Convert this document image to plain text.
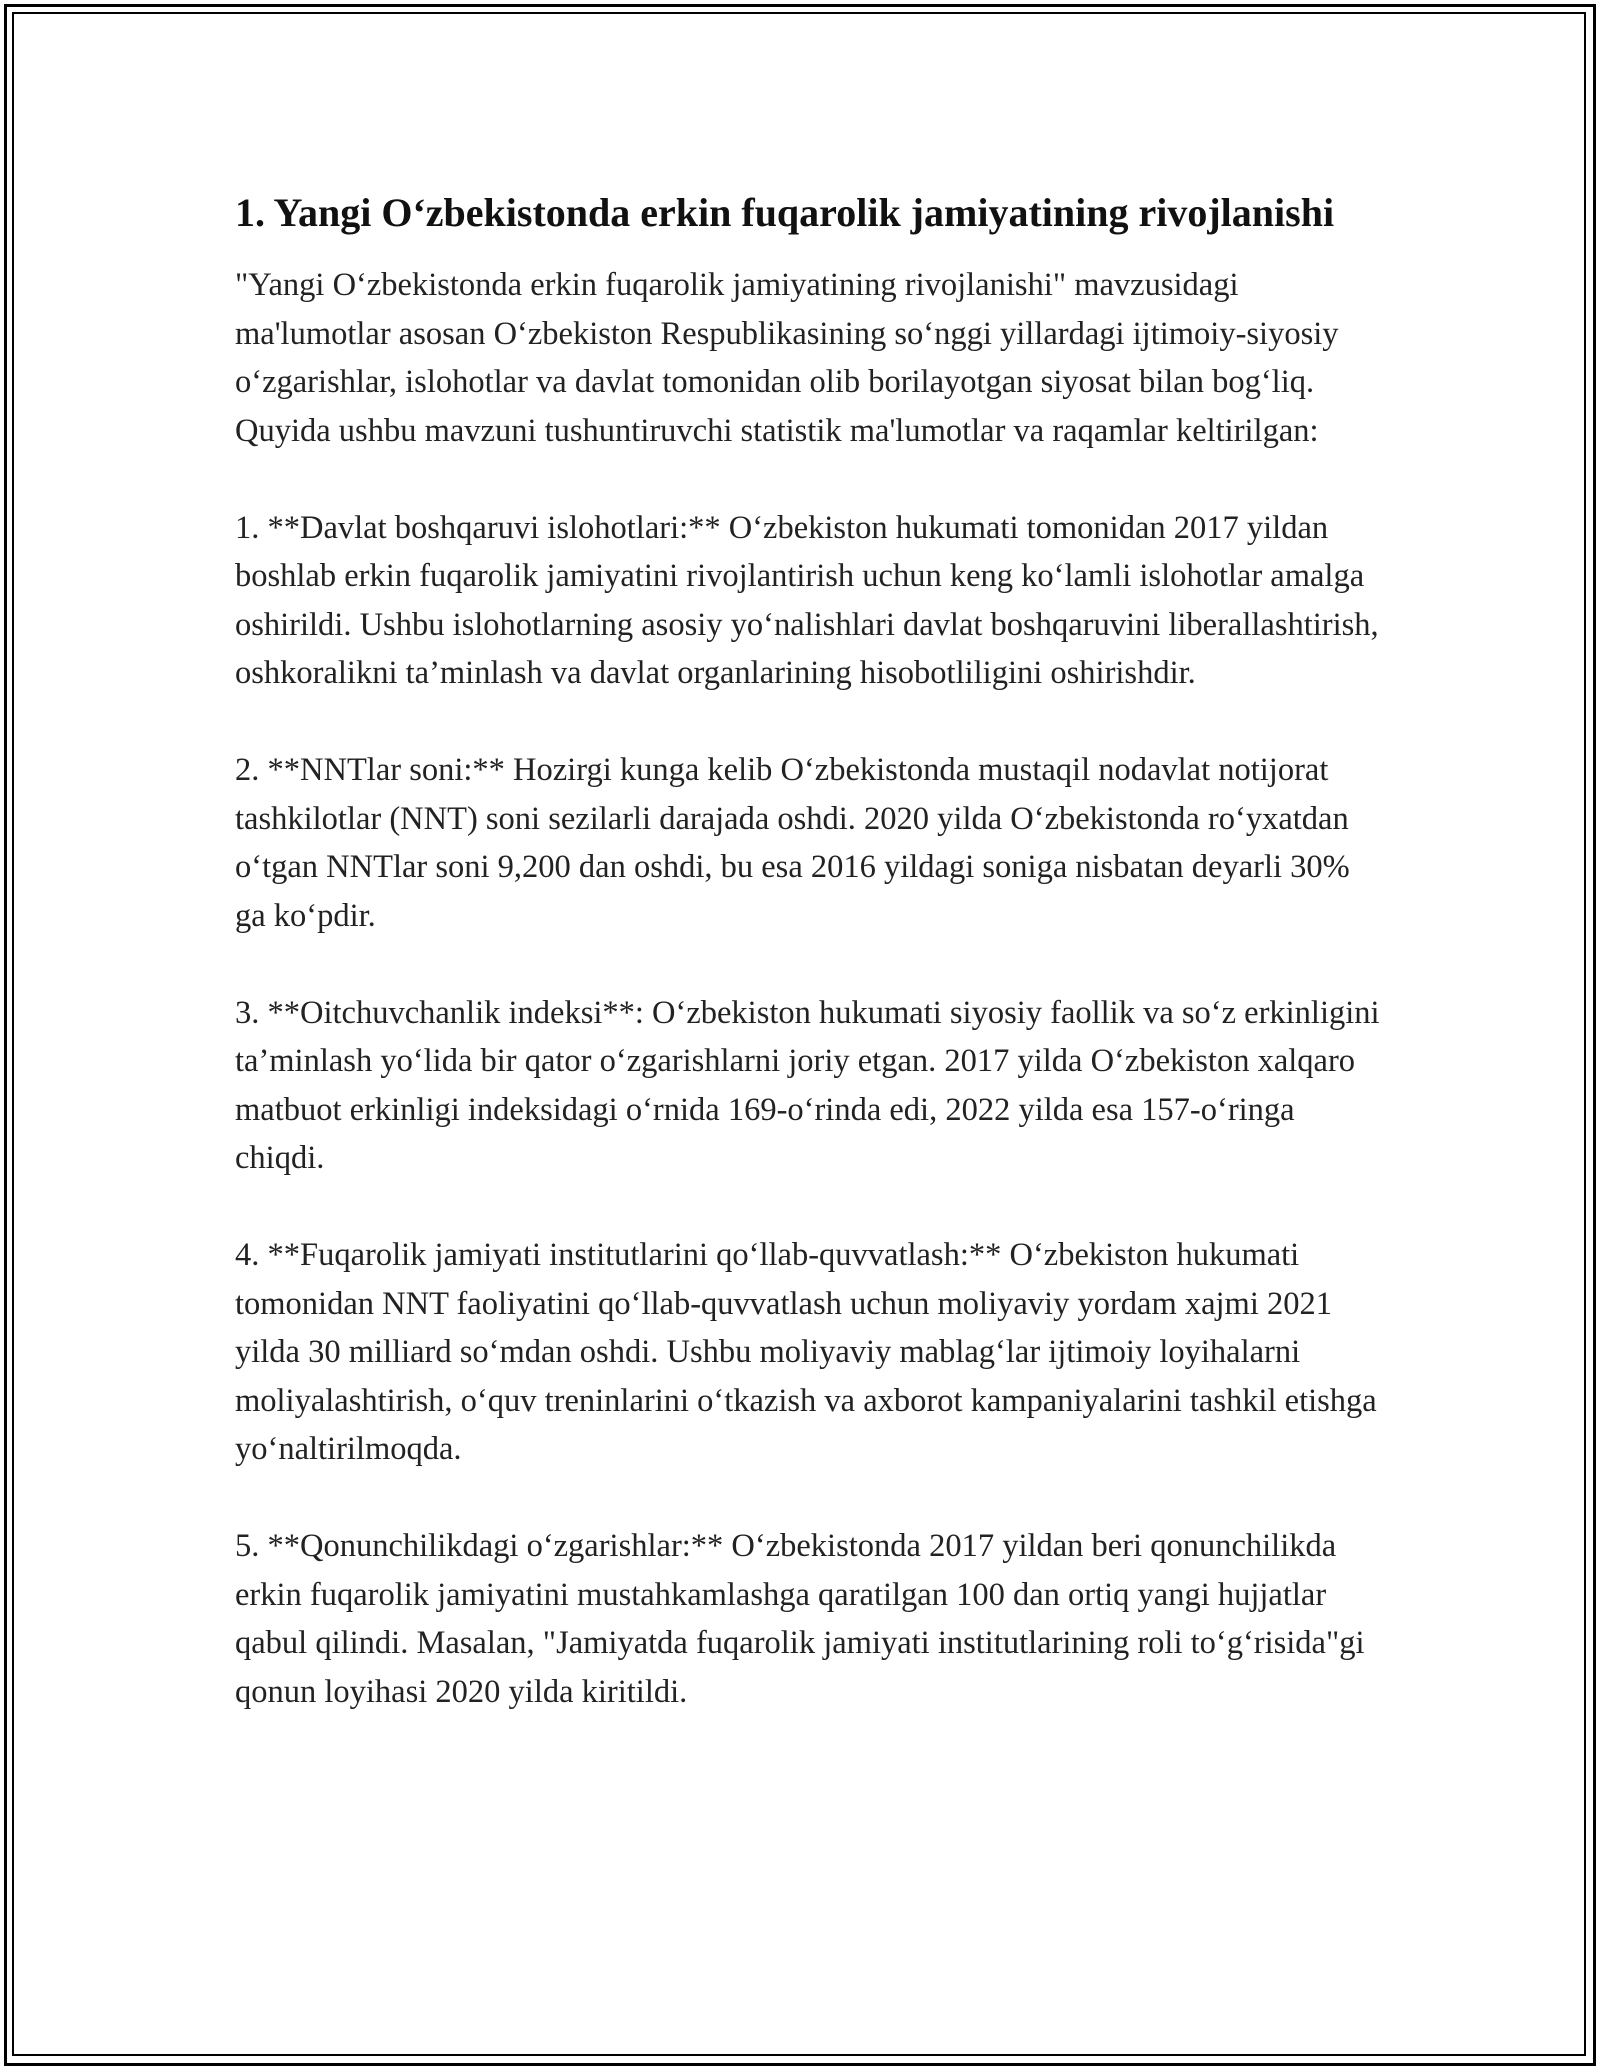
1. Yangi O‘zbekistonda erkin fuqarolik jamiyatining rivojlanishi

"Yangi O‘zbekistonda erkin fuqarolik jamiyatining rivojlanishi" mavzusidagi ma'lumotlar asosan O‘zbekiston Respublikasining so‘nggi yillardagi ijtimoiy-siyosiy o‘zgarishlar, islohotlar va davlat tomonidan olib borilayotgan siyosat bilan bog‘liq. Quyida ushbu mavzuni tushuntiruvchi statistik ma'lumotlar va raqamlar keltirilgan:

1. **Davlat boshqaruvi islohotlari:** O‘zbekiston hukumati tomonidan 2017 yildan boshlab erkin fuqarolik jamiyatini rivojlantirish uchun keng ko‘lamli islohotlar amalga oshirildi. Ushbu islohotlarning asosiy yo‘nalishlari davlat boshqaruvini liberallashtirish, oshkoralikni ta’minlash va davlat organlarining hisobotliligini oshirishdir.

2. **NNTlar soni:** Hozirgi kunga kelib O‘zbekistonda mustaqil nodavlat notijorat tashkilotlar (NNT) soni sezilarli darajada oshdi. 2020 yilda O‘zbekistonda ro‘yxatdan o‘tgan NNTlar soni 9,200 dan oshdi, bu esa 2016 yildagi soniga nisbatan deyarli 30% ga ko‘pdir.

3. **Oitchuvchanlik indeksi**: O‘zbekiston hukumati siyosiy faollik va so‘z erkinligini ta’minlash yo‘lida bir qator o‘zgarishlarni joriy etgan. 2017 yilda O‘zbekiston xalqaro matbuot erkinligi indeksidagi o‘rnida 169-o‘rinda edi, 2022 yilda esa 157-o‘ringa chiqdi.

4. **Fuqarolik jamiyati institutlarini qo‘llab-quvvatlash:** O‘zbekiston hukumati tomonidan NNT faoliyatini qo‘llab-quvvatlash uchun moliyaviy yordam xajmi 2021 yilda 30 milliard so‘mdan oshdi. Ushbu moliyaviy mablag‘lar ijtimoiy loyihalarni moliyalashtirish, o‘quv treninlarini o‘tkazish va axborot kampaniyalarini tashkil etishga yo‘naltirilmoqda.

5. **Qonunchilikdagi o‘zgarishlar:** O‘zbekistonda 2017 yildan beri qonunchilikda erkin fuqarolik jamiyatini mustahkamlashga qaratilgan 100 dan ortiq yangi hujjatlar qabul qilindi. Masalan, "Jamiyatda fuqarolik jamiyati institutlarining roli to‘g‘risida"gi qonun loyihasi 2020 yilda kiritildi.
